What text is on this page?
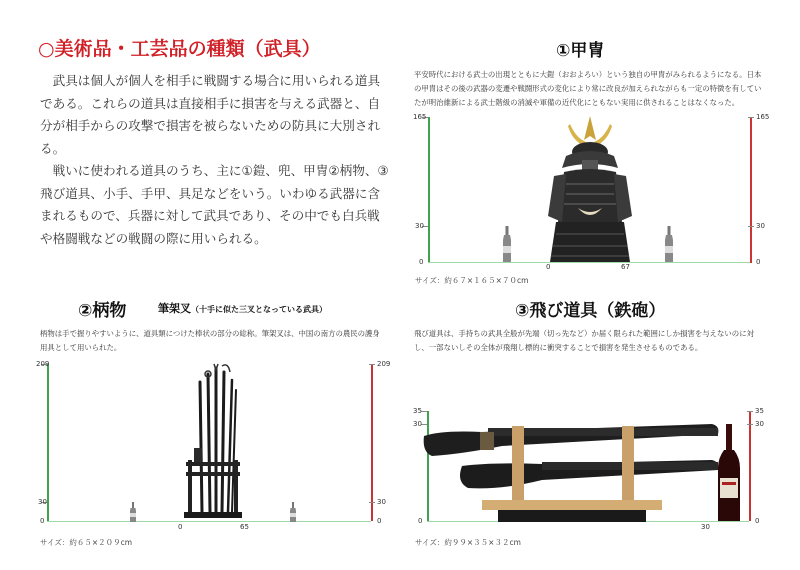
○美術品・工芸品の種類（武具）

武具は個人が個人を相手に戦闘する場合に用いられる道具である。これらの道具は直接相手に損害を与える武器と、自分が相手からの攻撃で損害を被らないための防具に大別される。

戦いに使われる道具のうち、主に①鎧、兜、甲冑②柄物、③飛び道具、小手、手甲、具足などをいう。いわゆる武器に含まれるもので、兵器に対して武具であり、その中でも白兵戦や格闘戦などの戦闘の際に用いられる。

①甲冑
平安時代における武士の出現とともに大鎧（おおよろい）という独自の甲冑がみられるようになる。日本の甲冑はその後の武器の変遷や戦闘形式の変化により常に改良が加えられながらも一定の特徴を有していたが明治維新による武士階級の消滅や軍備の近代化にともない実用に供されることはなくなった。
165	165
30	30
0	0
0	67
サイズ：約６７×１６５×７０cm
②柄物	筆架叉（十手に似た三叉となっている武具）
柄物は手で握りやすいように、道具類につけた棒状の部分の総称。筆架叉は、中国の南方の農民の護身用具として用いられた。
209	209
30	30
0	0
0	65
サイズ：約６５×２０９cm
③飛び道具（鉄砲）
飛び道具は、手持ちの武具全般が先端（切っ先など）か届く限られた範囲にしか損害を与えないのに対し、一部ないしその全体が飛翔し標的に衝突することで損害を発生させるものである。
35	35
30	30
0	0
30
サイズ：約９９×３５×３２cm
